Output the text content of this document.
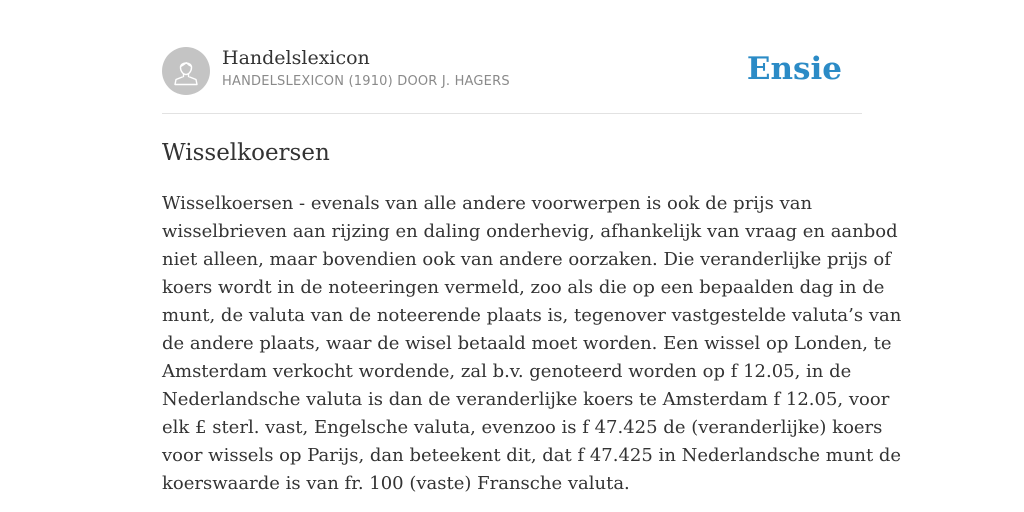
Handelslexicon
HANDELSLEXICON (1910) DOOR J. HAGERS	Ensie
Wisselkoersen

Wisselkoersen - evenals van alle andere voorwerpen is ook de prijs van
wisselbrieven aan rijzing en daling onderhevig, afhankelijk van vraag en aanbod
niet alleen, maar bovendien ook van andere oorzaken. Die veranderlijke prijs of
koers wordt in de noteeringen vermeld, zoo als die op een bepaalden dag in de
munt, de valuta van de noteerende plaats is, tegenover vastgestelde valuta’s van
de andere plaats, waar de wisel betaald moet worden. Een wissel op Londen, te
Amsterdam verkocht wordende, zal b.v. genoteerd worden op f 12.05, in de
Nederlandsche valuta is dan de veranderlijke koers te Amsterdam f 12.05, voor
elk £ sterl. vast, Engelsche valuta, evenzoo is f 47.425 de (veranderlijke) koers
voor wissels op Parijs, dan beteekent dit, dat f 47.425 in Nederlandsche munt de
koerswaarde is van fr. 100 (vaste) Fransche valuta.
